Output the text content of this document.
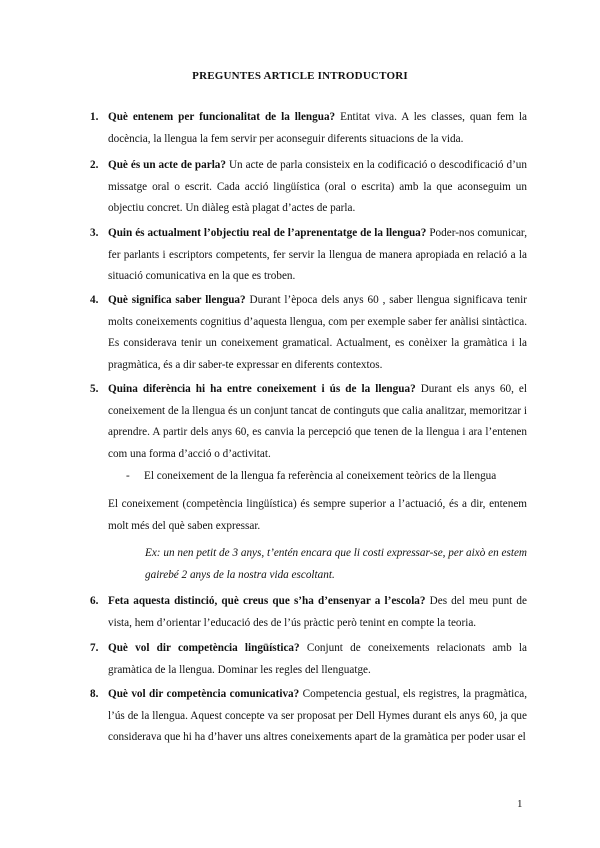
PREGUNTES ARTICLE INTRODUCTORI
1. Què entenem per funcionalitat de la llengua? Entitat viva. A les classes, quan fem la docència, la llengua la fem servir per aconseguir diferents situacions de la vida.
2. Què és un acte de parla? Un acte de parla consisteix en la codificació o descodificació d’un missatge oral o escrit. Cada acció lingüística (oral o escrita) amb la que aconseguim un objectiu concret. Un diàleg està plagat d’actes de parla.
3. Quin és actualment l’objectiu real de l’aprenentatge de la llengua? Poder-nos comunicar, fer parlants i escriptors competents, fer servir la llengua de manera apropiada en relació a la situació comunicativa en la que es troben.
4. Què significa saber llengua? Durant l’època dels anys 60 , saber llengua significava tenir molts coneixements cognitius d’aquesta llengua, com per exemple saber fer anàlisi sintàctica. Es considerava tenir un coneixement gramatical. Actualment, es conèixer la gramàtica i la pragmàtica, és a dir saber-te expressar en diferents contextos.
5. Quina diferència hi ha entre coneixement i ús de la llengua? Durant els anys 60, el coneixement de la llengua és un conjunt tancat de continguts que calia analitzar, memoritzar i aprendre. A partir dels anys 60, es canvia la percepció que tenen de la llengua i ara l’entenen com una forma d’acció o d’activitat.
- El coneixement de la llengua fa referència al coneixement teòrics de la llengua
El coneixement (competència lingüística) és sempre superior a l’actuació, és a dir, entenem molt més del què saben expressar.
Ex: un nen petit de 3 anys, t’entén encara que li costi expressar-se, per això en estem gairebé 2 anys de la nostra vida escoltant.
6. Feta aquesta distinció, què creus que s’ha d’ensenyar a l’escola? Des del meu punt de vista, hem d’orientar l’educació des de l’ús pràctic però tenint en compte la teoria.
7. Què vol dir competència lingüística? Conjunt de coneixements relacionats amb la gramàtica de la llengua. Dominar les regles del llenguatge.
8. Què vol dir competència comunicativa? Competencia gestual, els registres, la pragmàtica, l’ús de la llengua. Aquest concepte va ser proposat per Dell Hymes durant els anys 60, ja que considerava que hi ha d’haver uns altres coneixements apart de la gramàtica per poder usar el
1
